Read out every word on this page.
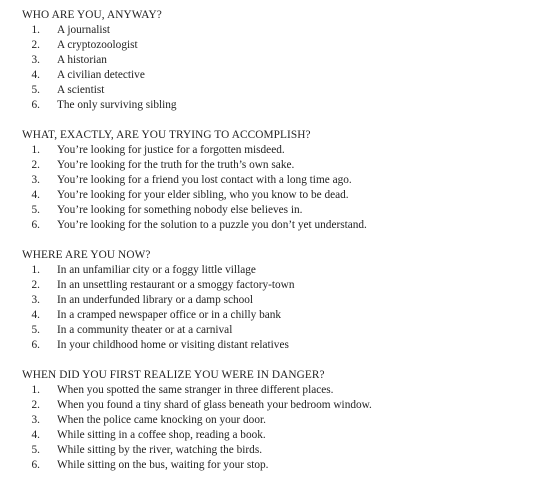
WHO ARE YOU, ANYWAY?
1.	A journalist
2.	A cryptozoologist
3.	A historian
4.	A civilian detective
5.	A scientist
6.	The only surviving sibling
WHAT, EXACTLY, ARE YOU TRYING TO ACCOMPLISH?
1.	You’re looking for justice for a forgotten misdeed.
2.	You’re looking for the truth for the truth’s own sake.
3.	You’re looking for a friend you lost contact with a long time ago.
4.	You’re looking for your elder sibling, who you know to be dead.
5.	You’re looking for something nobody else believes in.
6.	You’re looking for the solution to a puzzle you don’t yet understand.
WHERE ARE YOU NOW?
1.	In an unfamiliar city or a foggy little village
2.	In an unsettling restaurant or a smoggy factory-town
3.	In an underfunded library or a damp school
4.	In a cramped newspaper office or in a chilly bank
5.	In a community theater or at a carnival
6.	In your childhood home or visiting distant relatives
WHEN DID YOU FIRST REALIZE YOU WERE IN DANGER?
1.	When you spotted the same stranger in three different places.
2.	When you found a tiny shard of glass beneath your bedroom window.
3.	When the police came knocking on your door.
4.	While sitting in a coffee shop, reading a book.
5.	While sitting by the river, watching the birds.
6.	While sitting on the bus, waiting for your stop.
